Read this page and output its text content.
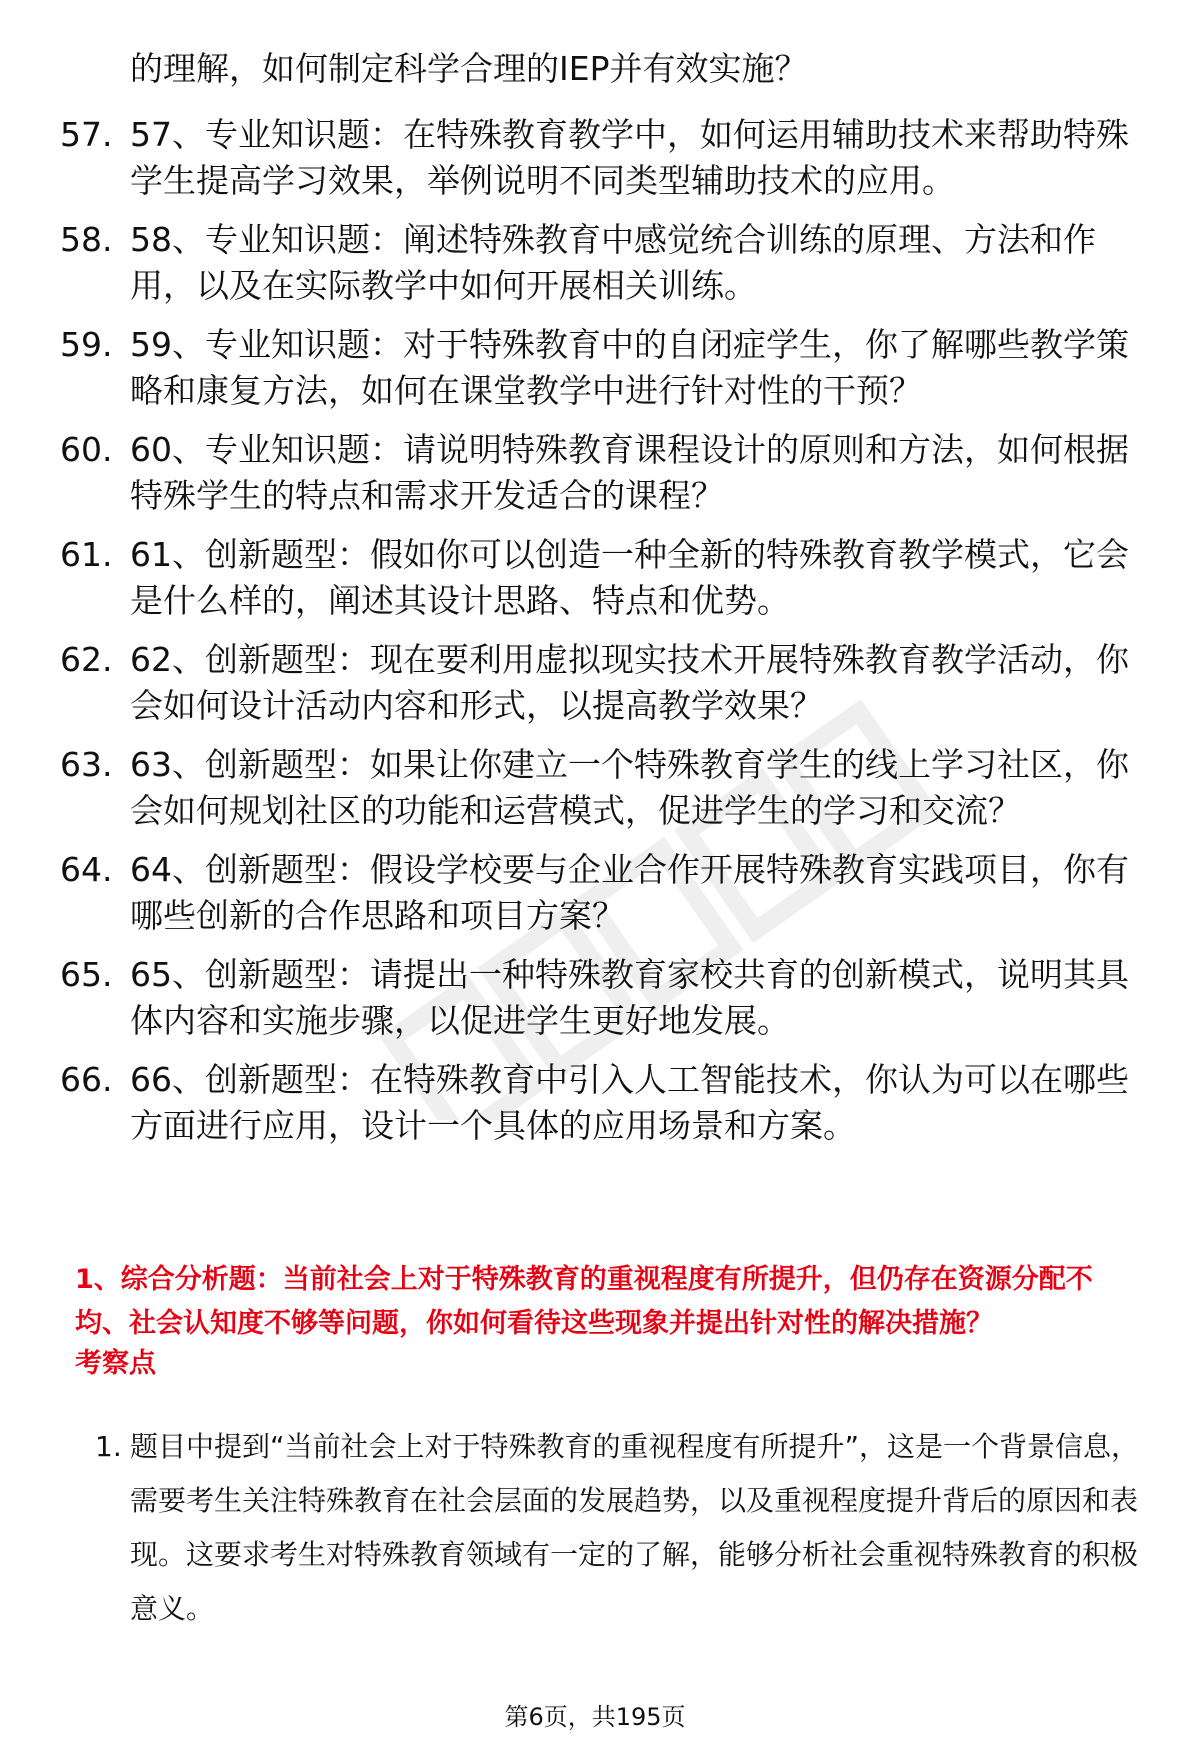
的理解，如何制定科学合理的IEP并有效实施？
57. 57、专业知识题：在特殊教育教学中，如何运用辅助技术来帮助特殊学生提高学习效果，举例说明不同类型辅助技术的应用。
58. 58、专业知识题：阐述特殊教育中感觉统合训练的原理、方法和作用，以及在实际教学中如何开展相关训练。
59. 59、专业知识题：对于特殊教育中的自闭症学生，你了解哪些教学策略和康复方法，如何在课堂教学中进行针对性的干预？
60. 60、专业知识题：请说明特殊教育课程设计的原则和方法，如何根据特殊学生的特点和需求开发适合的课程？
61. 61、创新题型：假如你可以创造一种全新的特殊教育教学模式，它会是什么样的，阐述其设计思路、特点和优势。
62. 62、创新题型：现在要利用虚拟现实技术开展特殊教育教学活动，你会如何设计活动内容和形式，以提高教学效果？
63. 63、创新题型：如果让你建立一个特殊教育学生的线上学习社区，你会如何规划社区的功能和运营模式，促进学生的学习和交流？
64. 64、创新题型：假设学校要与企业合作开展特殊教育实践项目，你有哪些创新的合作思路和项目方案？
65. 65、创新题型：请提出一种特殊教育家校共育的创新模式，说明其具体内容和实施步骤，以促进学生更好地发展。
66. 66、创新题型：在特殊教育中引入人工智能技术，你认为可以在哪些方面进行应用，设计一个具体的应用场景和方案。
1、综合分析题：当前社会上对于特殊教育的重视程度有所提升，但仍存在资源分配不均、社会认知度不够等问题，你如何看待这些现象并提出针对性的解决措施？
考察点
1. 题目中提到“当前社会上对于特殊教育的重视程度有所提升”，这是一个背景信息，需要考生关注特殊教育在社会层面的发展趋势，以及重视程度提升背后的原因和表现。这要求考生对特殊教育领域有一定的了解，能够分析社会重视特殊教育的积极意义。
第6页，共195页
